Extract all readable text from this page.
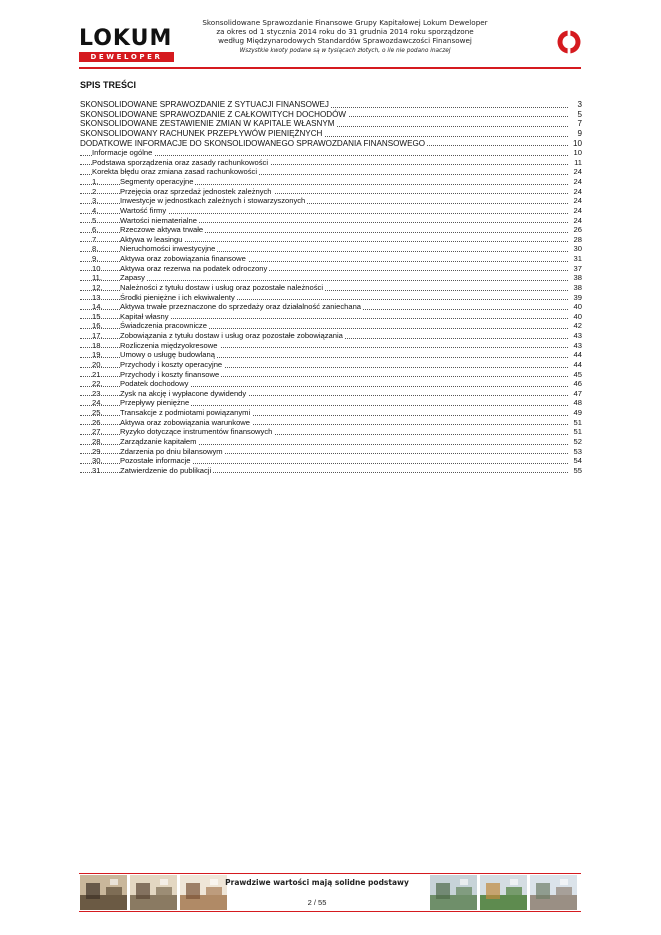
LOKUM
DEWELOPER
Skonsolidowane Sprawozdanie Finansowe Grupy Kapitałowej Lokum Deweloper
za okres od 1 stycznia 2014 roku do 31 grudnia 2014 roku sporządzone
według Międzynarodowych Standardów Sprawozdawczości Finansowej
Wszystkie kwoty podane są w tysiącach złotych, o ile nie podano inaczej
SPIS TREŚCI
SKONSOLIDOWANE SPRAWOZDANIE Z SYTUACJI FINANSOWEJ	3
SKONSOLIDOWANE SPRAWOZDANIE Z CAŁKOWITYCH DOCHODÓW	5
SKONSOLIDOWANE ZESTAWIENIE ZMIAN W KAPITALE WŁASNYM	7
SKONSOLIDOWANY RACHUNEK PRZEPŁYWÓW PIENIĘŻNYCH	9
DODATKOWE INFORMACJE DO SKONSOLIDOWANEGO SPRAWOZDANIA FINANSOWEGO	10
Informacje ogólne	10
Podstawa sporządzenia oraz zasady rachunkowości	11
Korekta błędu oraz zmiana zasad rachunkowości	24
1.	Segmenty operacyjne	24
2.	Przejęcia oraz sprzedaż jednostek zależnych	24
3.	Inwestycje w jednostkach zależnych i stowarzyszonych	24
4.	Wartość firmy	24
5.	Wartości niematerialne	24
6.	Rzeczowe aktywa trwałe	26
7.	Aktywa w leasingu	28
8.	Nieruchomości inwestycyjne	30
9.	Aktywa oraz zobowiązania finansowe	31
10. Aktywa oraz rezerwa na podatek odroczony	37
11. Zapasy	38
12. Należności z tytułu dostaw i usług oraz pozostałe należności	38
13. Środki pieniężne i ich ekwiwalenty	39
14. Aktywa trwałe przeznaczone do sprzedaży oraz działalność zaniechana	40
15. Kapitał własny	40
16. Świadczenia pracownicze	42
17. Zobowiązania z tytułu dostaw i usług oraz pozostałe zobowiązania	43
18. Rozliczenia międzyokresowe	43
19. Umowy o usługę budowlaną	44
20. Przychody i koszty operacyjne	44
21. Przychody i koszty finansowe	45
22. Podatek dochodowy	46
23. Zysk na akcję i wypłacone dywidendy	47
24. Przepływy pieniężne	48
25. Transakcje z podmiotami powiązanymi	49
26. Aktywa oraz zobowiązania warunkowe	51
27. Ryzyko dotyczące instrumentów finansowych	51
28. Zarządzanie kapitałem	52
29. Zdarzenia po dniu bilansowym	53
30. Pozostałe informacje	54
31. Zatwierdzenie do publikacji	55
Prawdziwe wartości mają solidne podstawy
2 / 55
